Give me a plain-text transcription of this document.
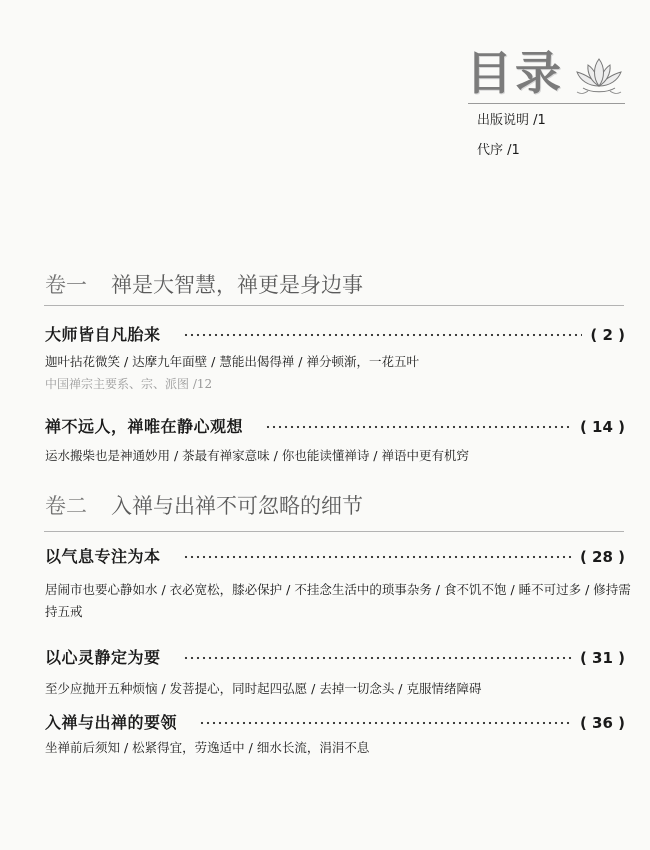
目录
出版说明 /1
代序 /1
卷一 禅是大智慧，禅更是身边事
大师皆自凡胎来	( 2 )
迦叶拈花微笑 / 达摩九年面壁 / 慧能出偈得禅 / 禅分顿渐，一花五叶
中国禅宗主要系、宗、派图 /12
禅不远人，禅唯在静心观想	( 14 )
运水搬柴也是神通妙用 / 茶最有禅家意味 / 你也能读懂禅诗 / 禅语中更有机窍
卷二 入禅与出禅不可忽略的细节
以气息专注为本	( 28 )
居闹市也要心静如水 / 衣必宽松，膝必保护 / 不挂念生活中的琐事杂务 / 食不饥不饱 / 睡不可过多 / 修持需持五戒
以心灵静定为要	( 31 )
至少应抛开五种烦恼 / 发菩提心，同时起四弘愿 / 去掉一切念头 / 克服情绪障碍
入禅与出禅的要领	( 36 )
坐禅前后须知 / 松紧得宜，劳逸适中 / 细水长流，涓涓不息
